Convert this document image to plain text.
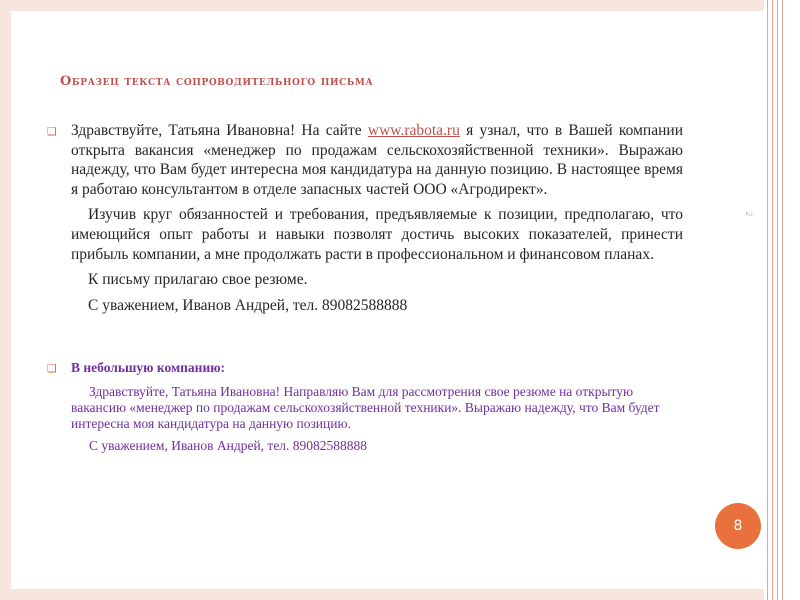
Образец текста сопроводительного письма
❑ Здравствуйте, Татьяна Ивановна! На сайте www.rabota.ru я узнал, что в Вашей компании открыта вакансия «менеджер по продажам сельскохозяйственной техники». Выражаю надежду, что Вам будет интересна моя кандидатура на данную позицию. В настоящее время я работаю консультантом в отделе запасных частей ООО «Агродирект».

Изучив круг обязанностей и требования, предъявляемые к позиции, предполагаю, что имеющийся опыт работы и навыки позволят достичь высоких показателей, принести прибыль компании, а мне продолжать расти в профессиональном и финансовом планах.

К письму прилагаю свое резюме.

С уважением, Иванов Андрей, тел. 89082588888

❑ В небольшую компанию:

Здравствуйте, Татьяна Ивановна! Направляю Вам для рассмотрения свое резюме на открытую вакансию «менеджер по продажам сельскохозяйственной техники». Выражаю надежду, что Вам будет интересна моя кандидатура на данную позицию.

С уважением, Иванов Андрей, тел. 89082588888

2
8
